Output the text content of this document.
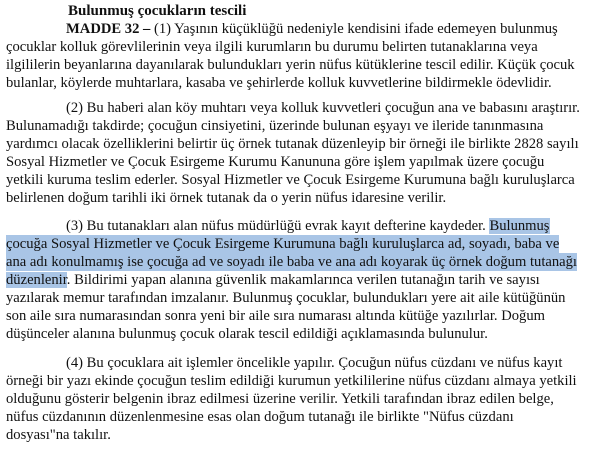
Bulunmuş çocukların tescili
MADDE 32 – (1) Yaşının küçüklüğü nedeniyle kendisini ifade edemeyen bulunmuş
çocuklar kolluk görevlilerinin veya ilgili kurumların bu durumu belirten tutanaklarına veya
ilgililerin beyanlarına dayanılarak bulundukları yerin nüfus kütüklerine tescil edilir. Küçük çocuk
bulanlar, köylerde muhtarlara, kasaba ve şehirlerde kolluk kuvvetlerine bildirmekle ödevlidir.
(2) Bu haberi alan köy muhtarı veya kolluk kuvvetleri çocuğun ana ve babasını araştırır.
Bulunamadığı takdirde; çocuğun cinsiyetini, üzerinde bulunan eşyayı ve ileride tanınmasına
yardımcı olacak özelliklerini belirtir üç örnek tutanak düzenleyip bir örneği ile birlikte 2828 sayılı
Sosyal Hizmetler ve Çocuk Esirgeme Kurumu Kanununa göre işlem yapılmak üzere çocuğu
yetkili kuruma teslim ederler. Sosyal Hizmetler ve Çocuk Esirgeme Kurumuna bağlı kuruluşlarca
belirlenen doğum tarihli iki örnek tutanak da o yerin nüfus idaresine verilir.
(3) Bu tutanakları alan nüfus müdürlüğü evrak kayıt defterine kaydeder. Bulunmuş
çocuğa Sosyal Hizmetler ve Çocuk Esirgeme Kurumuna bağlı kuruluşlarca ad, soyadı, baba ve
ana adı konulmamış ise çocuğa ad ve soyadı ile baba ve ana adı koyarak üç örnek doğum tutanağı
düzenlenir. Bildirimi yapan alanına güvenlik makamlarınca verilen tutanağın tarih ve sayısı
yazılarak memur tarafından imzalanır. Bulunmuş çocuklar, bulundukları yere ait aile kütüğünün
son aile sıra numarasından sonra yeni bir aile sıra numarası altında kütüğe yazılırlar. Doğum
düşünceler alanına bulunmuş çocuk olarak tescil edildiği açıklamasında bulunulur.
(4) Bu çocuklara ait işlemler öncelikle yapılır. Çocuğun nüfus cüzdanı ve nüfus kayıt
örneği bir yazı ekinde çocuğun teslim edildiği kurumun yetkililerine nüfus cüzdanı almaya yetkili
olduğunu gösterir belgenin ibraz edilmesi üzerine verilir. Yetkili tarafından ibraz edilen belge,
nüfus cüzdanının düzenlenmesine esas olan doğum tutanağı ile birlikte "Nüfus cüzdanı
dosyası"na takılır.
